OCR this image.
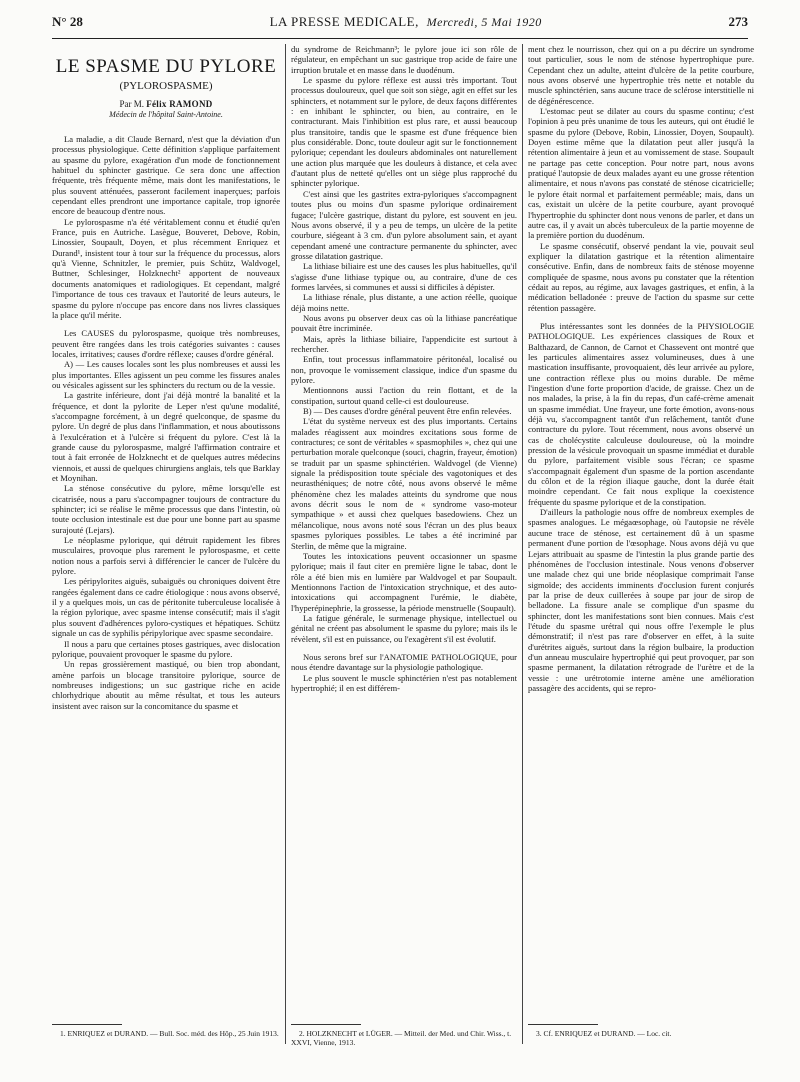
N° 28	LA PRESSE MEDICALE, Mercredi, 5 Mai 1920	273
LE SPASME DU PYLORE
(PYLOROSPASME)
Par M. Félix RAMOND
Médecin de l'hôpital Saint-Antoine.

La maladie, a dit Claude Bernard, n'est que la déviation d'un processus physiologique. Cette définition s'applique parfaitement au spasme du pylore, exagération d'un mode de fonctionnement habituel du sphincter gastrique. Ce sera donc une affection fréquente, très fréquente même, mais dont les manifestations, le plus souvent atténuées, passeront facilement inaperçues; parfois cependant elles prendront une importance capitale, trop ignorée encore de beaucoup d'entre nous.

Le pylorospasme n'a été véritablement connu et étudié qu'en France, puis en Autriche. Lasègue, Bouveret, Debove, Robin, Linossier, Soupault, Doyen, et plus récemment Enriquez et Durand¹, insistent tour à tour sur la fréquence du processus, alors qu'à Vienne, Schnitzler, le premier, puis Schütz, Waldvogel, Buttner, Schlesinger, Holzknecht² apportent de nouveaux documents anatomiques et radiologiques. Et cependant, malgré l'importance de tous ces travaux et l'autorité de leurs auteurs, le spasme du pylore n'occupe pas encore dans nos livres classiques la place qu'il mérite.

Les CAUSES du pylorospasme, quoique très nombreuses, peuvent être rangées dans les trois catégories suivantes : causes locales, irritatives; causes d'ordre réflexe; causes d'ordre général.

A) — Les causes locales sont les plus nombreuses et aussi les plus importantes. Elles agissent un peu comme les fissures anales ou vésicales agissent sur les sphincters du rectum ou de la vessie.

La gastrite inférieure, dont j'ai déjà montré la banalité et la fréquence, et dont la pylorite de Leper n'est qu'une modalité, s'accompagne forcément, à un degré quelconque, de spasme du pylore. Un degré de plus dans l'inflammation, et nous aboutissons à l'exulcération et à l'ulcère si fréquent du pylore. C'est là la grande cause du pylorospasme, malgré l'affirmation contraire et tout à fait erronée de Holzknecht et de quelques autres médecins viennois, et aussi de quelques chirurgiens anglais, tels que Barklay et Moynihan.

La sténose consécutive du pylore, même lorsqu'elle est cicatrisée, nous a paru s'accompagner toujours de contracture du sphincter; ici se réalise le même processus que dans l'intestin, où toute occlusion intestinale est due pour une bonne part au spasme surajouté (Lejars).

Le néoplasme pylorique, qui détruit rapidement les fibres musculaires, provoque plus rarement le pylorospasme, et cette notion nous a parfois servi à différencier le cancer de l'ulcère du pylore.

Les péripylorites aiguës, subaiguës ou chroniques doivent être rangées également dans ce cadre étiologique : nous avons observé, il y a quelques mois, un cas de péritonite tuberculeuse localisée à la région pylorique, avec spasme intense consécutif; mais il s'agit plus souvent d'adhérences pyloro-cystiques et hépatiques. Schütz signale un cas de syphilis péripylorique avec spasme secondaire.

Il nous a paru que certaines ptoses gastriques, avec dislocation pylorique, pouvaient provoquer le spasme du pylore.

Un repas grossièrement mastiqué, ou bien trop abondant, amène parfois un blocage transitoire pylorique, source de nombreuses indigestions; un suc gastrique riche en acide chlorhydrique aboutit au même résultat, et tous les auteurs insistent avec raison sur la concomitance du spasme et

du syndrome de Reichmann³; le pylore joue ici son rôle de régulateur, en empêchant un suc gastrique trop acide de faire une irruption brutale et en masse dans le duodénum.

Le spasme du pylore réflexe est aussi très important. Tout processus douloureux, quel que soit son siège, agit en effet sur les sphincters, et notamment sur le pylore, de deux façons différentes : en inhibant le sphincter, ou bien, au contraire, en le contracturant. Mais l'inhibition est plus rare, et aussi beaucoup plus transitoire, tandis que le spasme est d'une fréquence bien plus considérable. Donc, toute douleur agit sur le fonctionnement pylorique; cependant les douleurs abdominales ont naturellement une action plus marquée que les douleurs à distance, et cela avec d'autant plus de netteté qu'elles ont un siège plus rapproché du sphincter pylorique.

C'est ainsi que les gastrites extra-pyloriques s'accompagnent toutes plus ou moins d'un spasme pylorique ordinairement fugace; l'ulcère gastrique, distant du pylore, est souvent en jeu. Nous avons observé, il y a peu de temps, un ulcère de la petite courbure, siégeant à 3 cm. d'un pylore absolument sain, et ayant cependant amené une contracture permanente du sphincter, avec grosse dilatation gastrique.

La lithiase biliaire est une des causes les plus habituelles, qu'il s'agisse d'une lithiase typique ou, au contraire, d'une de ces formes larvées, si communes et aussi si difficiles à dépister.

La lithiase rénale, plus distante, a une action réelle, quoique déjà moins nette.

Nous avons pu observer deux cas où la lithiase pancréatique pouvait être incriminée.

Mais, après la lithiase biliaire, l'appendicite est surtout à rechercher.

Enfin, tout processus inflammatoire péritonéal, localisé ou non, provoque le vomissement classique, indice d'un spasme du pylore.

Mentionnons aussi l'action du rein flottant, et de la constipation, surtout quand celle-ci est douloureuse.

B) — Des causes d'ordre général peuvent être enfin relevées.

L'état du système nerveux est des plus importants. Certains malades réagissent aux moindres excitations sous forme de contractures; ce sont de véritables « spasmophiles », chez qui une perturbation morale quelconque (souci, chagrin, frayeur, émotion) se traduit par un spasme sphinctérien. Waldvogel (de Vienne) signale la prédisposition toute spéciale des vagotoniques et des neurasthéniques; de notre côté, nous avons observé le même phénomène chez les malades atteints du syndrome que nous avons décrit sous le nom de « syndrome vaso-moteur sympathique » et aussi chez quelques basedowiens. Chez un mélancolique, nous avons noté sous l'écran un des plus beaux spasmes pyloriques possibles. Le tabes a été incriminé par Sterlin, de même que la migraine.

Toutes les intoxications peuvent occasionner un spasme pylorique; mais il faut citer en première ligne le tabac, dont le rôle a été bien mis en lumière par Waldvogel et par Soupault. Mentionnons l'action de l'intoxication strychnique, et des auto-intoxications qui accompagnent l'urémie, le diabète, l'hyperépinephrie, la grossesse, la période menstruelle (Soupault).

La fatigue générale, le surmenage physique, intellectuel ou génital ne créent pas absolument le spasme du pylore; mais ils le révèlent, s'il est en puissance, ou l'exagèrent s'il est évolutif.

Nous serons bref sur l'ANATOMIE PATHOLOGIQUE, pour nous étendre davantage sur la physiologie pathologique.

Le plus souvent le muscle sphinctérien n'est pas notablement hypertrophié; il en est différem-

ment chez le nourrisson, chez qui on a pu décrire un syndrome tout particulier, sous le nom de sténose hypertrophique pure. Cependant chez un adulte, atteint d'ulcère de la petite courbure, nous avons observé une hypertrophie très nette et notable du muscle sphinctérien, sans aucune trace de sclérose interstitielle ni de dégénérescence.

L'estomac peut se dilater au cours du spasme continu; c'est l'opinion à peu près unanime de tous les auteurs, qui ont étudié le spasme du pylore (Debove, Robin, Linossier, Doyen, Soupault). Doyen estime même que la dilatation peut aller jusqu'à la rétention alimentaire à jeun et au vomissement de stase. Soupault ne partage pas cette conception. Pour notre part, nous avons pratiqué l'autopsie de deux malades ayant eu une grosse rétention alimentaire, et nous n'avons pas constaté de sténose cicatricielle; le pylore était normal et parfaitement perméable; mais, dans un cas, existait un ulcère de la petite courbure, ayant provoqué l'hypertrophie du sphincter dont nous venons de parler, et dans un autre cas, il y avait un abcès tuberculeux de la partie moyenne de la première portion du duodénum.

Le spasme consécutif, observé pendant la vie, pouvait seul expliquer la dilatation gastrique et la rétention alimentaire consécutive. Enfin, dans de nombreux faits de sténose moyenne compliquée de spasme, nous avons pu constater que la rétention cédait au repos, au régime, aux lavages gastriques, et enfin, à la médication belladonée : preuve de l'action du spasme sur cette rétention passagère.

Plus intéressantes sont les données de la PHYSIOLOGIE PATHOLOGIQUE. Les expériences classiques de Roux et Balthazard, de Cannon, de Carnot et Chassevent ont montré que les particules alimentaires assez volumineuses, dues à une mastication insuffisante, provoquaient, dès leur arrivée au pylore, une contraction réflexe plus ou moins durable. De même l'ingestion d'une forte proportion d'acide, de graisse. Chez un de nos malades, la prise, à la fin du repas, d'un café-crème amenait un spasme immédiat. Une frayeur, une forte émotion, avons-nous déjà vu, s'accompagnent tantôt d'un relâchement, tantôt d'une contracture du pylore. Tout récemment, nous avons observé un cas de cholécystite calculeuse douloureuse, où la moindre pression de la vésicule provoquait un spasme immédiat et durable du pylore, parfaitement visible sous l'écran; ce spasme s'accompagnait également d'un spasme de la portion ascendante du côlon et de la région iliaque gauche, dont la durée était moindre cependant. Ce fait nous explique la coexistence fréquente du spasme pylorique et de la constipation.

D'ailleurs la pathologie nous offre de nombreux exemples de spasmes analogues. Le mégaœsophage, où l'autopsie ne révèle aucune trace de sténose, est certainement dû à un spasme permanent d'une portion de l'œsophage. Nous avons déjà vu que Lejars attribuait au spasme de l'intestin la plus grande partie des phénomènes de l'occlusion intestinale. Nous venons d'observer une malade chez qui une bride néoplasique comprimait l'anse sigmoïde; des accidents imminents d'occlusion furent conjurés par la prise de deux cuillerées à soupe par jour de sirop de belladone. La fissure anale se complique d'un spasme du sphincter, dont les manifestations sont bien connues. Mais c'est l'étude du spasme urétral qui nous offre l'exemple le plus démonstratif; il n'est pas rare d'observer en effet, à la suite d'urétrites aiguës, surtout dans la région bulbaire, la production d'un anneau musculaire hypertrophié qui peut provoquer, par son spasme permanent, la dilatation rétrograde de l'urètre et de la vessie : une urétrotomie interne amène une amélioration passagère des accidents, qui se repro-

1. ENRIQUEZ et DURAND. — Bull. Soc. méd. des Hôp., 25 Juin 1913.	2. HOLZKNECHT et LÜGER. — Mitteil. der Med. und Chir. Wiss., t. XXVI, Vienne, 1913.
3. Cf. ENRIQUEZ et DURAND. — Loc. cit.
